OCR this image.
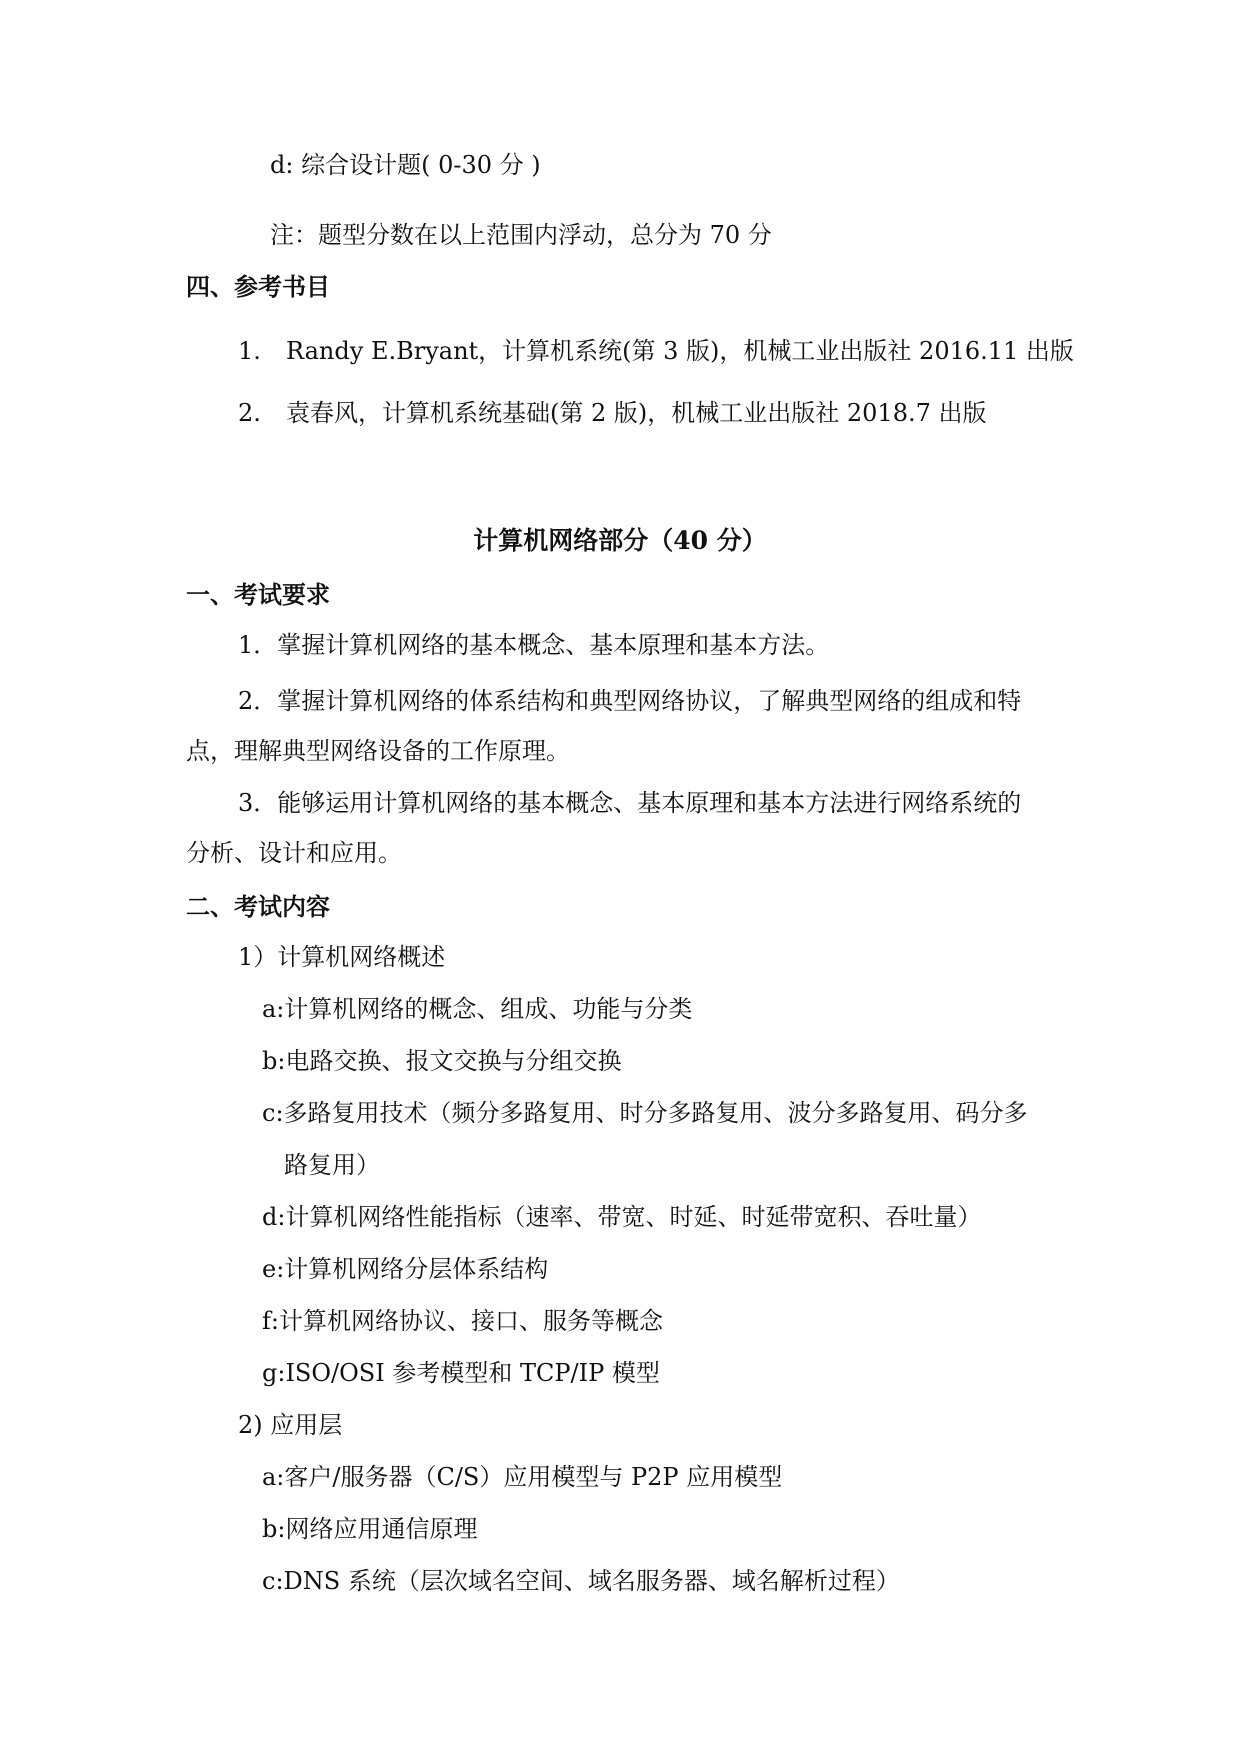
d: 综合设计题( 0-30 分 )
注：题型分数在以上范围内浮动，总分为 70 分
四、参考书目
1. Randy E.Bryant，计算机系统(第 3 版)，机械工业出版社 2016.11 出版
2. 袁春风，计算机系统基础(第 2 版)，机械工业出版社 2018.7 出版
计算机网络部分（40 分）
一、考试要求
1．掌握计算机网络的基本概念、基本原理和基本方法。
2．掌握计算机网络的体系结构和典型网络协议，了解典型网络的组成和特
点，理解典型网络设备的工作原理。
3．能够运用计算机网络的基本概念、基本原理和基本方法进行网络系统的
分析、设计和应用。
二、考试内容
1）计算机网络概述
a:计算机网络的概念、组成、功能与分类
b:电路交换、报文交换与分组交换
c:多路复用技术（频分多路复用、时分多路复用、波分多路复用、码分多
路复用）
d:计算机网络性能指标（速率、带宽、时延、时延带宽积、吞吐量）
e:计算机网络分层体系结构
f:计算机网络协议、接口、服务等概念
g:ISO/OSI 参考模型和 TCP/IP 模型
2) 应用层
a:客户/服务器（C/S）应用模型与 P2P 应用模型
b:网络应用通信原理
c:DNS 系统（层次域名空间、域名服务器、域名解析过程）
